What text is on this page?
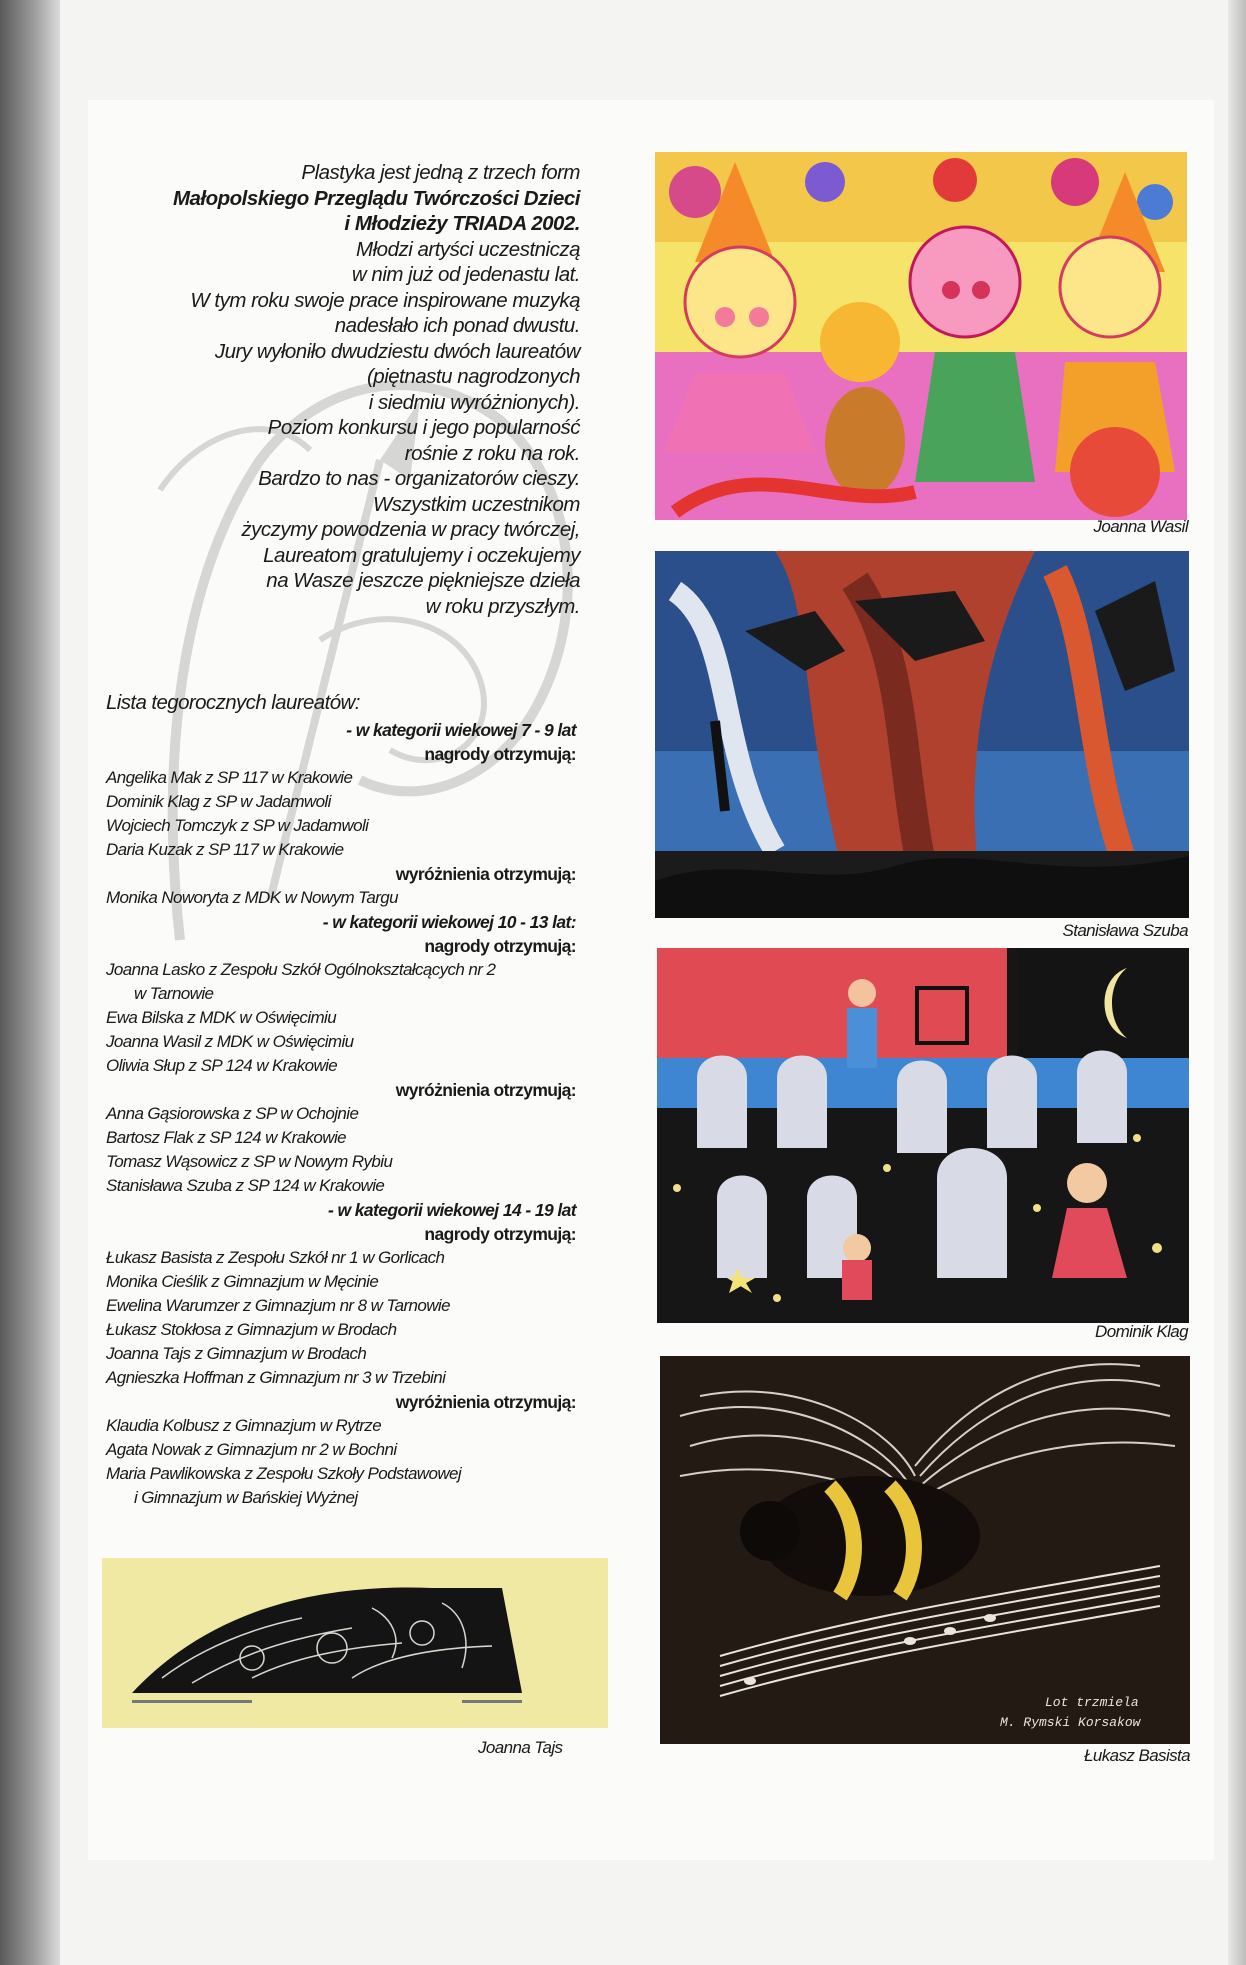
Plastyka jest jedną z trzech form
Małopolskiego Przeglądu Twórczości Dzieci
i Młodzieży TRIADA 2002.
Młodzi artyści uczestniczą
w nim już od jedenastu lat.
W tym roku swoje prace inspirowane muzyką
nadesłało ich ponad dwustu.
Jury wyłoniło dwudziestu dwóch laureatów
(piętnastu nagrodzonych
i siedmiu wyróżnionych).
Poziom konkursu i jego popularność
rośnie z roku na rok.
Bardzo to nas - organizatorów cieszy.
Wszystkim uczestnikom
życzymy powodzenia w pracy twórczej,
Laureatom gratulujemy i oczekujemy
na Wasze jeszcze piękniejsze dzieła
w roku przyszłym.
Lista tegorocznych laureatów:
- w kategorii wiekowej 7 - 9 lat
nagrody otrzymują:
Angelika Mak z SP 117 w Krakowie
Dominik Klag z SP w Jadamwoli
Wojciech Tomczyk z SP w Jadamwoli
Daria Kuzak z SP 117 w Krakowie
wyróżnienia otrzymują:
Monika Noworyta z MDK w Nowym Targu
- w kategorii wiekowej 10 - 13 lat:
nagrody otrzymują:
Joanna Lasko z Zespołu Szkół Ogólnokształcących nr 2
w Tarnowie
Ewa Bilska z MDK w Oświęcimiu
Joanna Wasil z MDK w Oświęcimiu
Oliwia Słup z SP 124 w Krakowie
wyróżnienia otrzymują:
Anna Gąsiorowska z SP w Ochojnie
Bartosz Flak z SP 124 w Krakowie
Tomasz Wąsowicz z SP w Nowym Rybiu
Stanisława Szuba z SP 124 w Krakowie
- w kategorii wiekowej 14 - 19 lat
nagrody otrzymują:
Łukasz Basista z Zespołu Szkół nr 1 w Gorlicach
Monika Cieślik z Gimnazjum w Męcinie
Ewelina Warumzer z Gimnazjum nr 8 w Tarnowie
Łukasz Stokłosa z Gimnazjum w Brodach
Joanna Tajs z Gimnazjum w Brodach
Agnieszka Hoffman z Gimnazjum nr 3 w Trzebini
wyróżnienia otrzymują:
Klaudia Kolbusz z Gimnazjum w Rytrze
Agata Nowak z Gimnazjum nr 2 w Bochni
Maria Pawlikowska z Zespołu Szkoły Podstawowej
i Gimnazjum w Bańskiej Wyżnej
Joanna Wasil
Stanisława Szuba
Dominik Klag
Lot trzmiela
M. Rymski Korsakow
Łukasz Basista
Joanna Tajs
